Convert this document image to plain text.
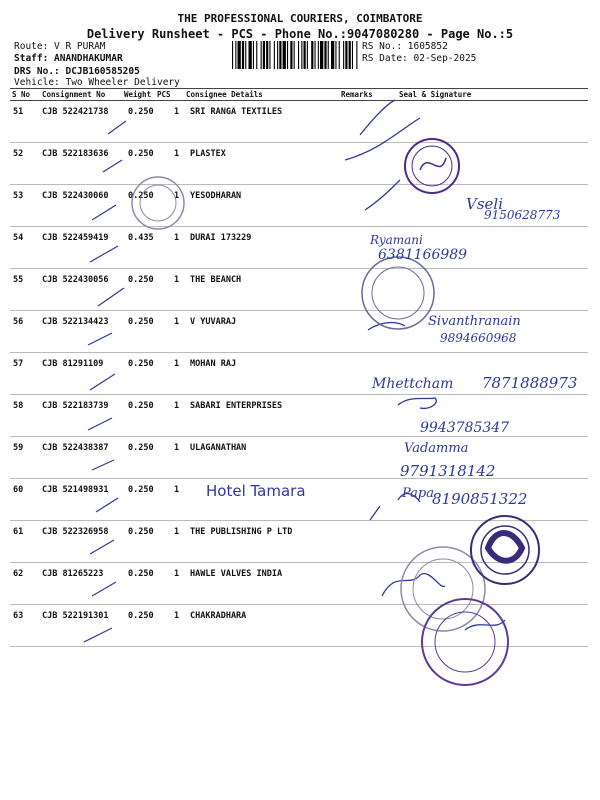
THE PROFESSIONAL COURIERS, COIMBATORE
Delivery Runsheet - PCS - Phone No.:9047080280 - Page No.:5
Route: V R PURAM
Staff: ANANDHAKUMAR
DRS No.: DCJB160585205
Vehicle: Two Wheeler Delivery
RS No.: 1605852
RS Date: 02-Sep-2025
S No Consignment No	Weight PCS Consignee Details	Remarks	Seal & Signature
51 CJB 522421738 0.250 1 SRI RANGA TEXTILES
52 CJB 522183636 0.250 1 PLASTEX
53 CJB 522430060 0.250 1 YESODHARAN
54 CJB 522459419 0.435 1 DURAI 173229
55 CJB 522430056 0.250 1 THE BEANCH
56 CJB 522134423 0.250 1 V YUVARAJ
57 CJB 81291109	0.250 1 MOHAN RAJ
58 CJB 522183739 0.250 1 SABARI ENTERPRISES
59 CJB 522438387 0.250 1 ULAGANATHAN
60 CJB 521498931 0.250 1
61 CJB 522326958 0.250 1 THE PUBLISHING P LTD
62 CJB 81265223	0.250 1 HAWLE VALVES INDIA
63 CJB 522191301 0.250 1 CHAKRADHARA
Vseli
9150628773
Ryamani
6381166989
Sivanthranain
9894660968
Mhettcham 7871888973
9943785347
Vadamma
9791318142
Hotel Tamara	Papa
8190851322
